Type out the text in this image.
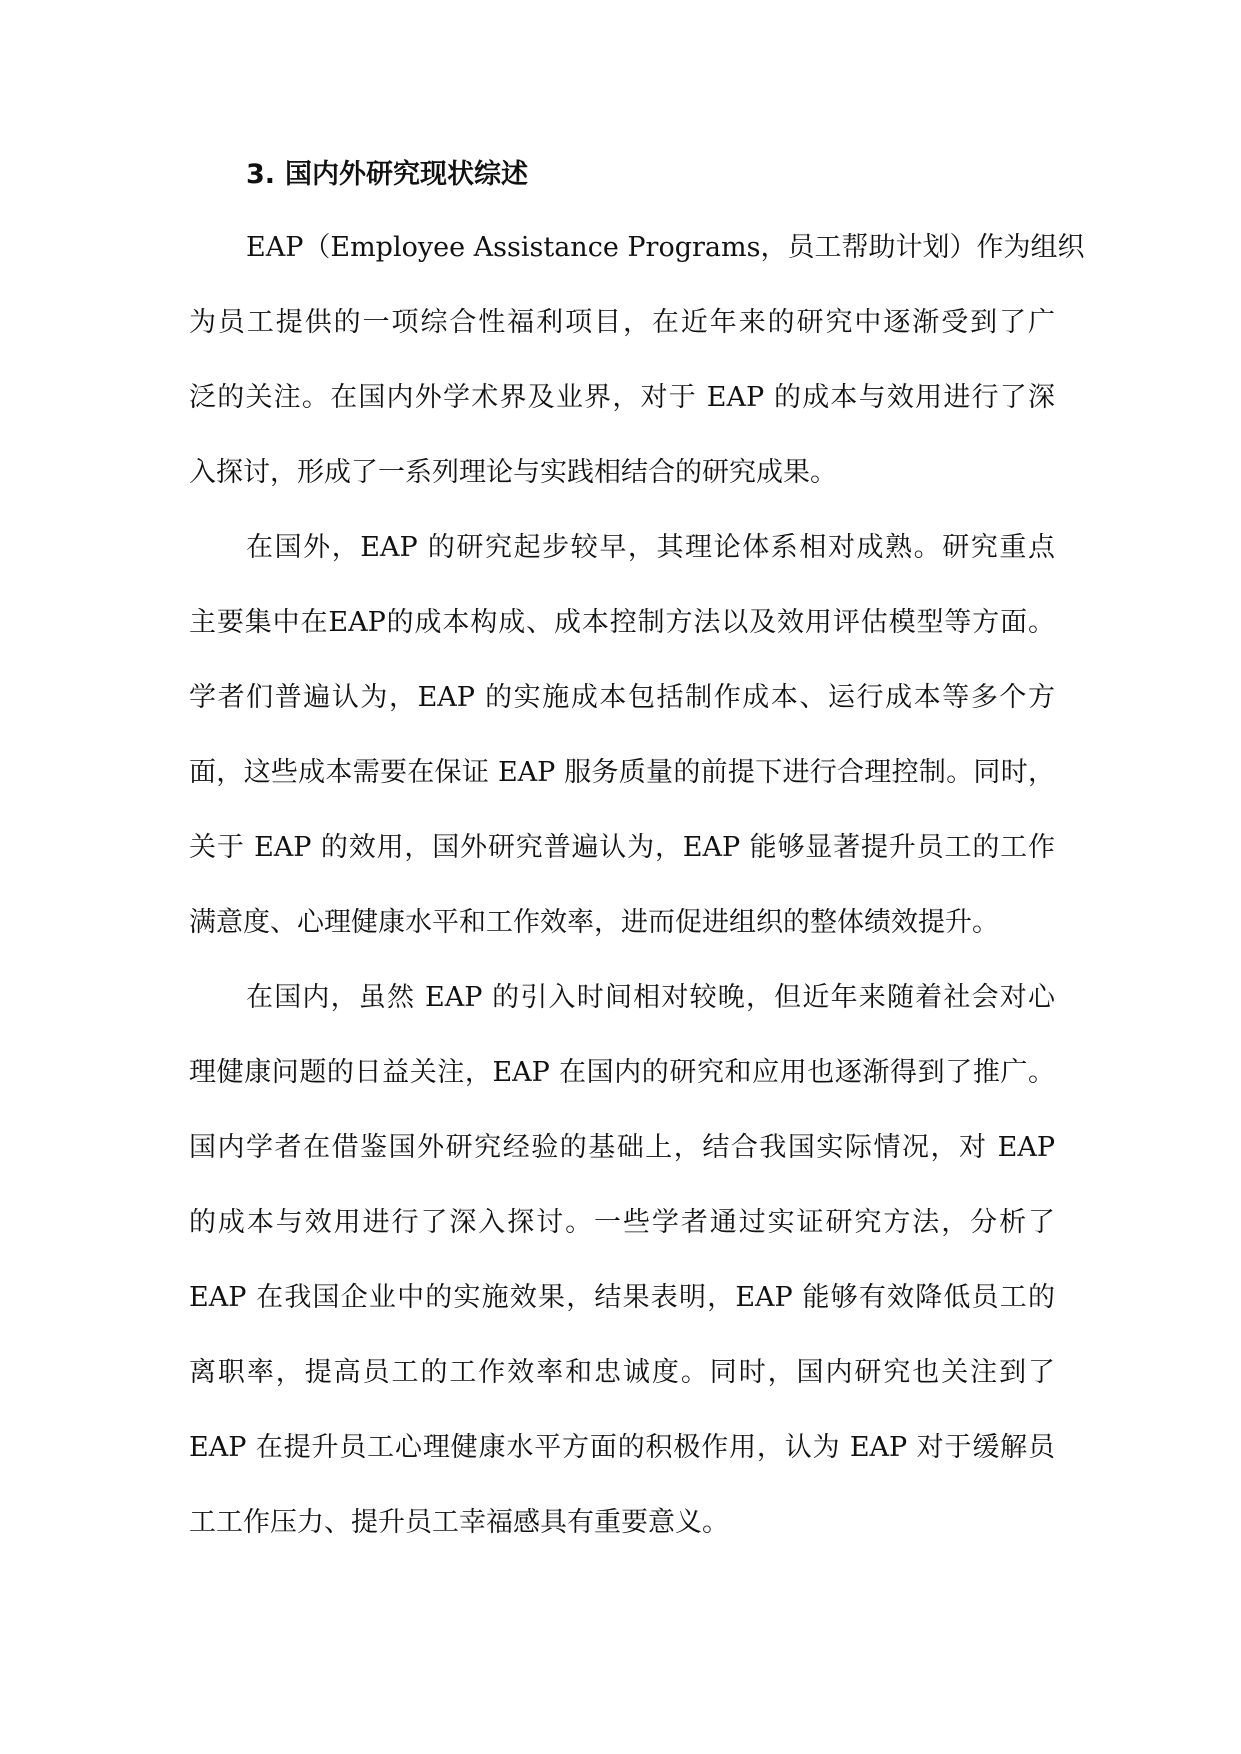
3. 国内外研究现状综述
EAP（Employee Assistance Programs，员工帮助计划）作为组织
为员工提供的一项综合性福利项目，在近年来的研究中逐渐受到了广
泛的关注。在国内外学术界及业界，对于 EAP 的成本与效用进行了深
入探讨，形成了一系列理论与实践相结合的研究成果。
在国外，EAP 的研究起步较早，其理论体系相对成熟。研究重点
主要集中在EAP的成本构成、成本控制方法以及效用评估模型等方面。
学者们普遍认为，EAP 的实施成本包括制作成本、运行成本等多个方
面，这些成本需要在保证 EAP 服务质量的前提下进行合理控制。同时，
关于 EAP 的效用，国外研究普遍认为，EAP 能够显著提升员工的工作
满意度、心理健康水平和工作效率，进而促进组织的整体绩效提升。
在国内，虽然 EAP 的引入时间相对较晚，但近年来随着社会对心
理健康问题的日益关注，EAP 在国内的研究和应用也逐渐得到了推广。
国内学者在借鉴国外研究经验的基础上，结合我国实际情况，对 EAP
的成本与效用进行了深入探讨。一些学者通过实证研究方法，分析了
EAP 在我国企业中的实施效果，结果表明，EAP 能够有效降低员工的
离职率，提高员工的工作效率和忠诚度。同时，国内研究也关注到了
EAP 在提升员工心理健康水平方面的积极作用，认为 EAP 对于缓解员
工工作压力、提升员工幸福感具有重要意义。
